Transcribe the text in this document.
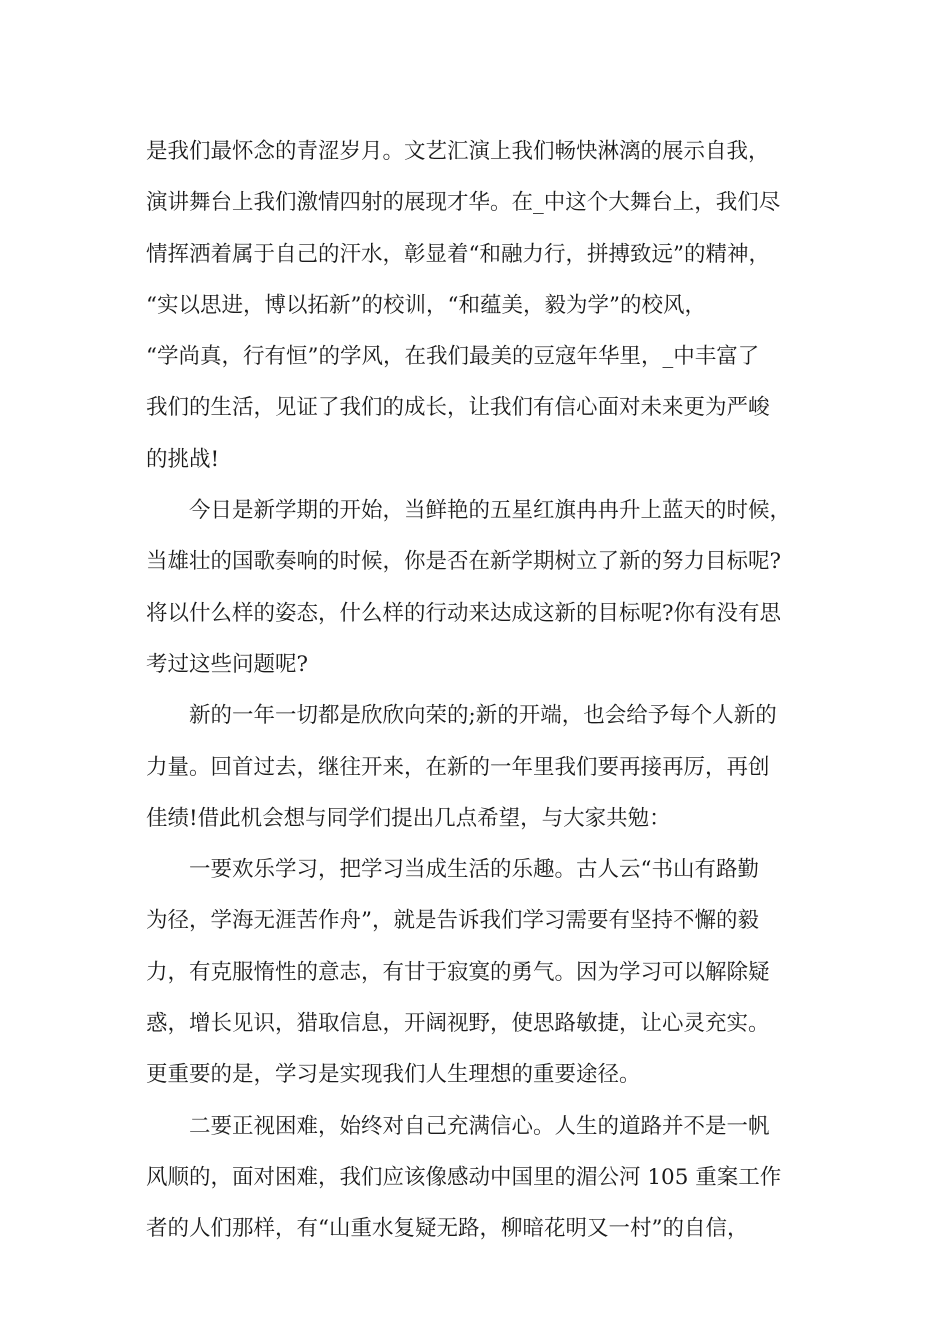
是我们最怀念的青涩岁月。文艺汇演上我们畅快淋漓的展示自我，
演讲舞台上我们激情四射的展现才华。在_中这个大舞台上，我们尽
情挥洒着属于自己的汗水，彰显着“和融力行，拼搏致远”的精神，
“实以思进，博以拓新”的校训，“和蕴美，毅为学”的校风，
“学尚真，行有恒”的学风，在我们最美的豆寇年华里，_中丰富了
我们的生活，见证了我们的成长，让我们有信心面对未来更为严峻
的挑战!
今日是新学期的开始，当鲜艳的五星红旗冉冉升上蓝天的时候，
当雄壮的国歌奏响的时候，你是否在新学期树立了新的努力目标呢?
将以什么样的姿态，什么样的行动来达成这新的目标呢?你有没有思
考过这些问题呢?
新的一年一切都是欣欣向荣的;新的开端，也会给予每个人新的
力量。回首过去，继往开来，在新的一年里我们要再接再厉，再创
佳绩!借此机会想与同学们提出几点希望，与大家共勉：
一要欢乐学习，把学习当成生活的乐趣。古人云“书山有路勤
为径，学海无涯苦作舟”，就是告诉我们学习需要有坚持不懈的毅
力，有克服惰性的意志，有甘于寂寞的勇气。因为学习可以解除疑
惑，增长见识，猎取信息，开阔视野，使思路敏捷，让心灵充实。
更重要的是，学习是实现我们人生理想的重要途径。
二要正视困难，始终对自己充满信心。人生的道路并不是一帆
风顺的，面对困难，我们应该像感动中国里的湄公河 105 重案工作
者的人们那样，有“山重水复疑无路，柳暗花明又一村”的自信，
